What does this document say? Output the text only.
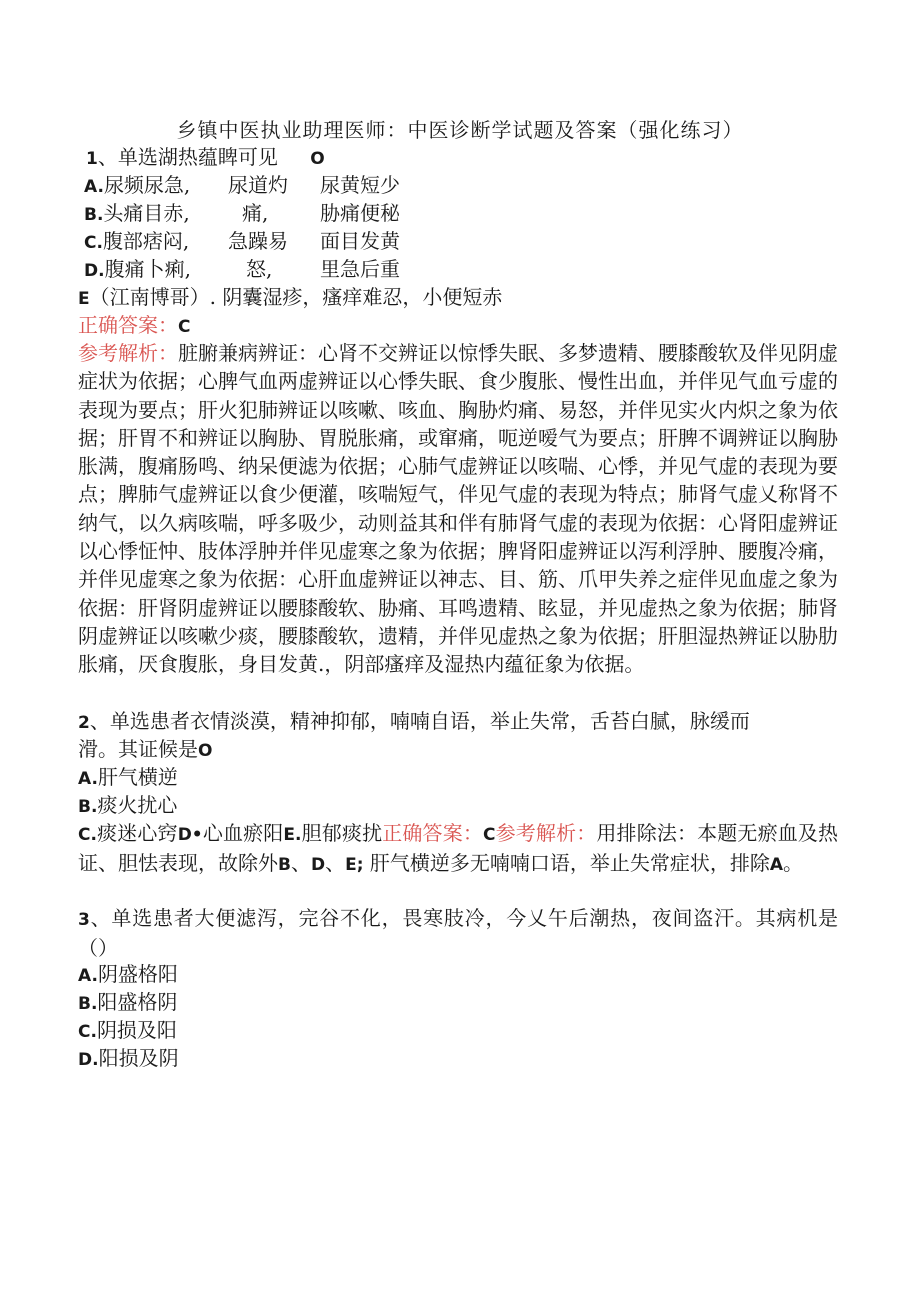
乡镇中医执业助理医师：中医诊断学试题及答案（强化练习）
1、单选湖热蕴睥可见 O
A.尿频尿急,
B.头痛目赤,
C.腹部痞闷,
D.腹痛卜痢,
尿道灼
痛,
急躁易
怒,
尿黄短少
胁痛便秘
面目发黄
里急后重
E（江南博哥）. 阴囊湿疹，瘙痒难忍，小便短赤
正确答案：C
参考解析：脏腑兼病辨证：心肾不交辨证以惊悸失眠、多梦遗精、腰膝酸软及伴见阴虚症状为依据；心脾气血两虚辨证以心悸失眠、食少腹胀、慢性出血，并伴见气血亏虚的表现为要点；肝火犯肺辨证以咳嗽、咳血、胸胁灼痛、易怒，并伴见实火内炽之象为依据；肝胃不和辨证以胸胁、胃脱胀痛，或窜痛，呃逆嗳气为要点；肝脾不调辨证以胸胁胀满，腹痛肠鸣、纳呆便滤为依据；心肺气虚辨证以咳喘、心悸，并见气虚的表现为要点；脾肺气虚辨证以食少便灌，咳喘短气，伴见气虚的表现为特点；肺肾气虚乂称肾不纳气，以久病咳喘，呼多吸少，动则益其和伴有肺肾气虚的表现为依据：心肾阳虚辨证以心悸怔忡、肢体浮肿并伴见虚寒之象为依据；脾肾阳虚辨证以泻利浮肿、腰腹冷痛，并伴见虚寒之象为依据：心肝血虚辨证以神志、目、筋、爪甲失养之症伴见血虚之象为依据：肝肾阴虚辨证以腰膝酸软、胁痛、耳鸣遗精、眩显，并见虚热之象为依据；肺肾阴虚辨证以咳嗽少痰，腰膝酸软，遗精，并伴见虚热之象为依据；肝胆湿热辨证以胁肋胀痛，厌食腹胀，身目发黄.，阴部瘙痒及湿热内蕴征象为依据。
2、单选患者衣情淡漠，精神抑郁，喃喃自语，举止失常，舌苔白腻，脉缓而
滑。其证候是O
A.肝气横逆
B.痰火扰心
C.痰迷心窍D•心血瘀阳E.胆郁痰扰正确答案：C参考解析：用排除法：本题无瘀血及热证、胆怯表现，故除外B、D、E; 肝气横逆多无喃喃口语，举止失常症状，排除A。
3、单选患者大便滤泻，完谷不化，畏寒肢冷，今乂午后潮热，夜间盗汗。其病机是（）
A.阴盛格阳
B.阳盛格阴
C.阴损及阳
D.阳损及阴
